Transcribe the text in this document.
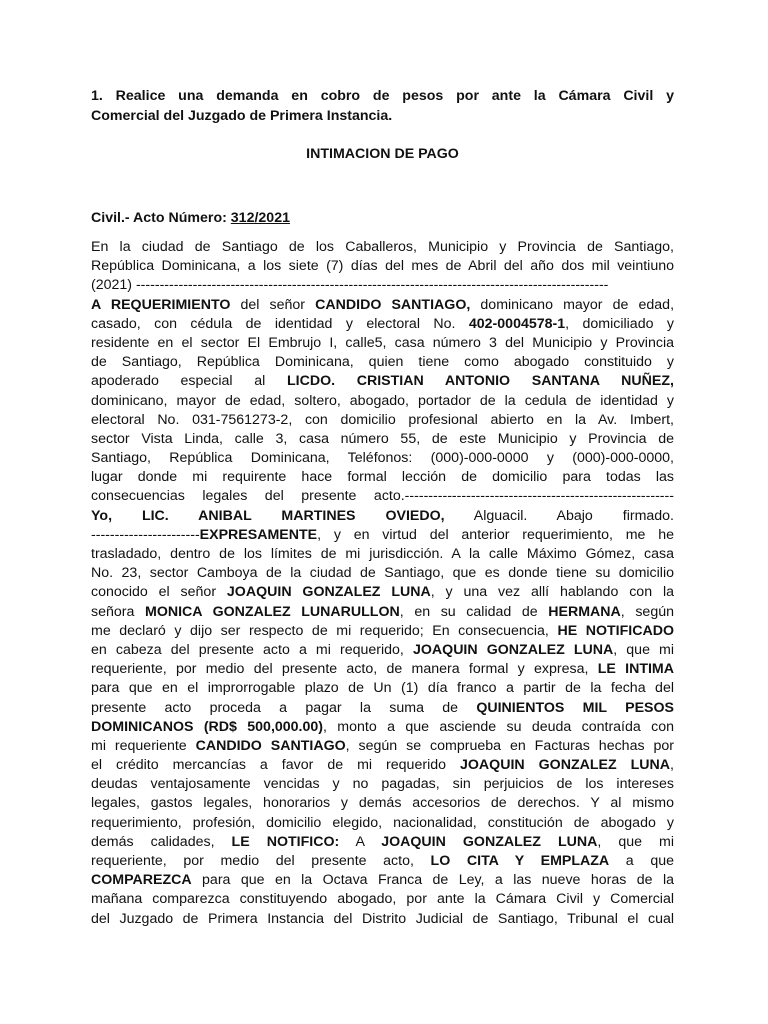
1. Realice una demanda en cobro de pesos por ante la Cámara Civil y
Comercial del Juzgado de Primera Instancia.
INTIMACION DE PAGO
Civil.- Acto Número: 312/2021
En la ciudad de Santiago de los Caballeros, Municipio y Provincia de Santiago,
República Dominicana, a los siete (7) días del mes de Abril del año dos mil veintiuno
(2021) ----------------------------------------------------------------------------------------------------
A REQUERIMIENTO del señor CANDIDO SANTIAGO, dominicano mayor de edad,
casado, con cédula de identidad y electoral No. 402-0004578-1, domiciliado y
residente en el sector El Embrujo I, calle5, casa número 3 del Municipio y Provincia
de Santiago, República Dominicana, quien tiene como abogado constituido y
apoderado especial al LICDO. CRISTIAN ANTONIO SANTANA NUÑEZ,
dominicano, mayor de edad, soltero, abogado, portador de la cedula de identidad y
electoral No. 031-7561273-2, con domicilio profesional abierto en la Av. Imbert,
sector Vista Linda, calle 3, casa número 55, de este Municipio y Provincia de
Santiago, República Dominicana, Teléfonos: (000)-000-0000 y (000)-000-0000,
lugar donde mi requirente hace formal lección de domicilio para todas las
consecuencias legales del presente acto.---------------------------------------------------------
Yo, LIC. ANIBAL MARTINES OVIEDO, Alguacil. Abajo firmado.
-----------------------EXPRESAMENTE, y en virtud del anterior requerimiento, me he
trasladado, dentro de los límites de mi jurisdicción. A la calle Máximo Gómez, casa
No. 23, sector Camboya de la ciudad de Santiago, que es donde tiene su domicilio
conocido el señor JOAQUIN GONZALEZ LUNA, y una vez allí hablando con la
señora MONICA GONZALEZ LUNARULLON, en su calidad de HERMANA, según
me declaró y dijo ser respecto de mi requerido; En consecuencia, HE NOTIFICADO
en cabeza del presente acto a mi requerido, JOAQUIN GONZALEZ LUNA, que mi
requeriente, por medio del presente acto, de manera formal y expresa, LE INTIMA
para que en el improrrogable plazo de Un (1) día franco a partir de la fecha del
presente acto proceda a pagar la suma de QUINIENTOS MIL PESOS
DOMINICANOS (RD$ 500,000.00), monto a que asciende su deuda contraída con
mi requeriente CANDIDO SANTIAGO, según se comprueba en Facturas hechas por
el crédito mercancías a favor de mi requerido JOAQUIN GONZALEZ LUNA,
deudas ventajosamente vencidas y no pagadas, sin perjuicios de los intereses
legales, gastos legales, honorarios y demás accesorios de derechos. Y al mismo
requerimiento, profesión, domicilio elegido, nacionalidad, constitución de abogado y
demás calidades, LE NOTIFICO: A JOAQUIN GONZALEZ LUNA, que mi
requeriente, por medio del presente acto, LO CITA Y EMPLAZA a que
COMPAREZCA para que en la Octava Franca de Ley, a las nueve horas de la
mañana comparezca constituyendo abogado, por ante la Cámara Civil y Comercial
del Juzgado de Primera Instancia del Distrito Judicial de Santiago, Tribunal el cual
